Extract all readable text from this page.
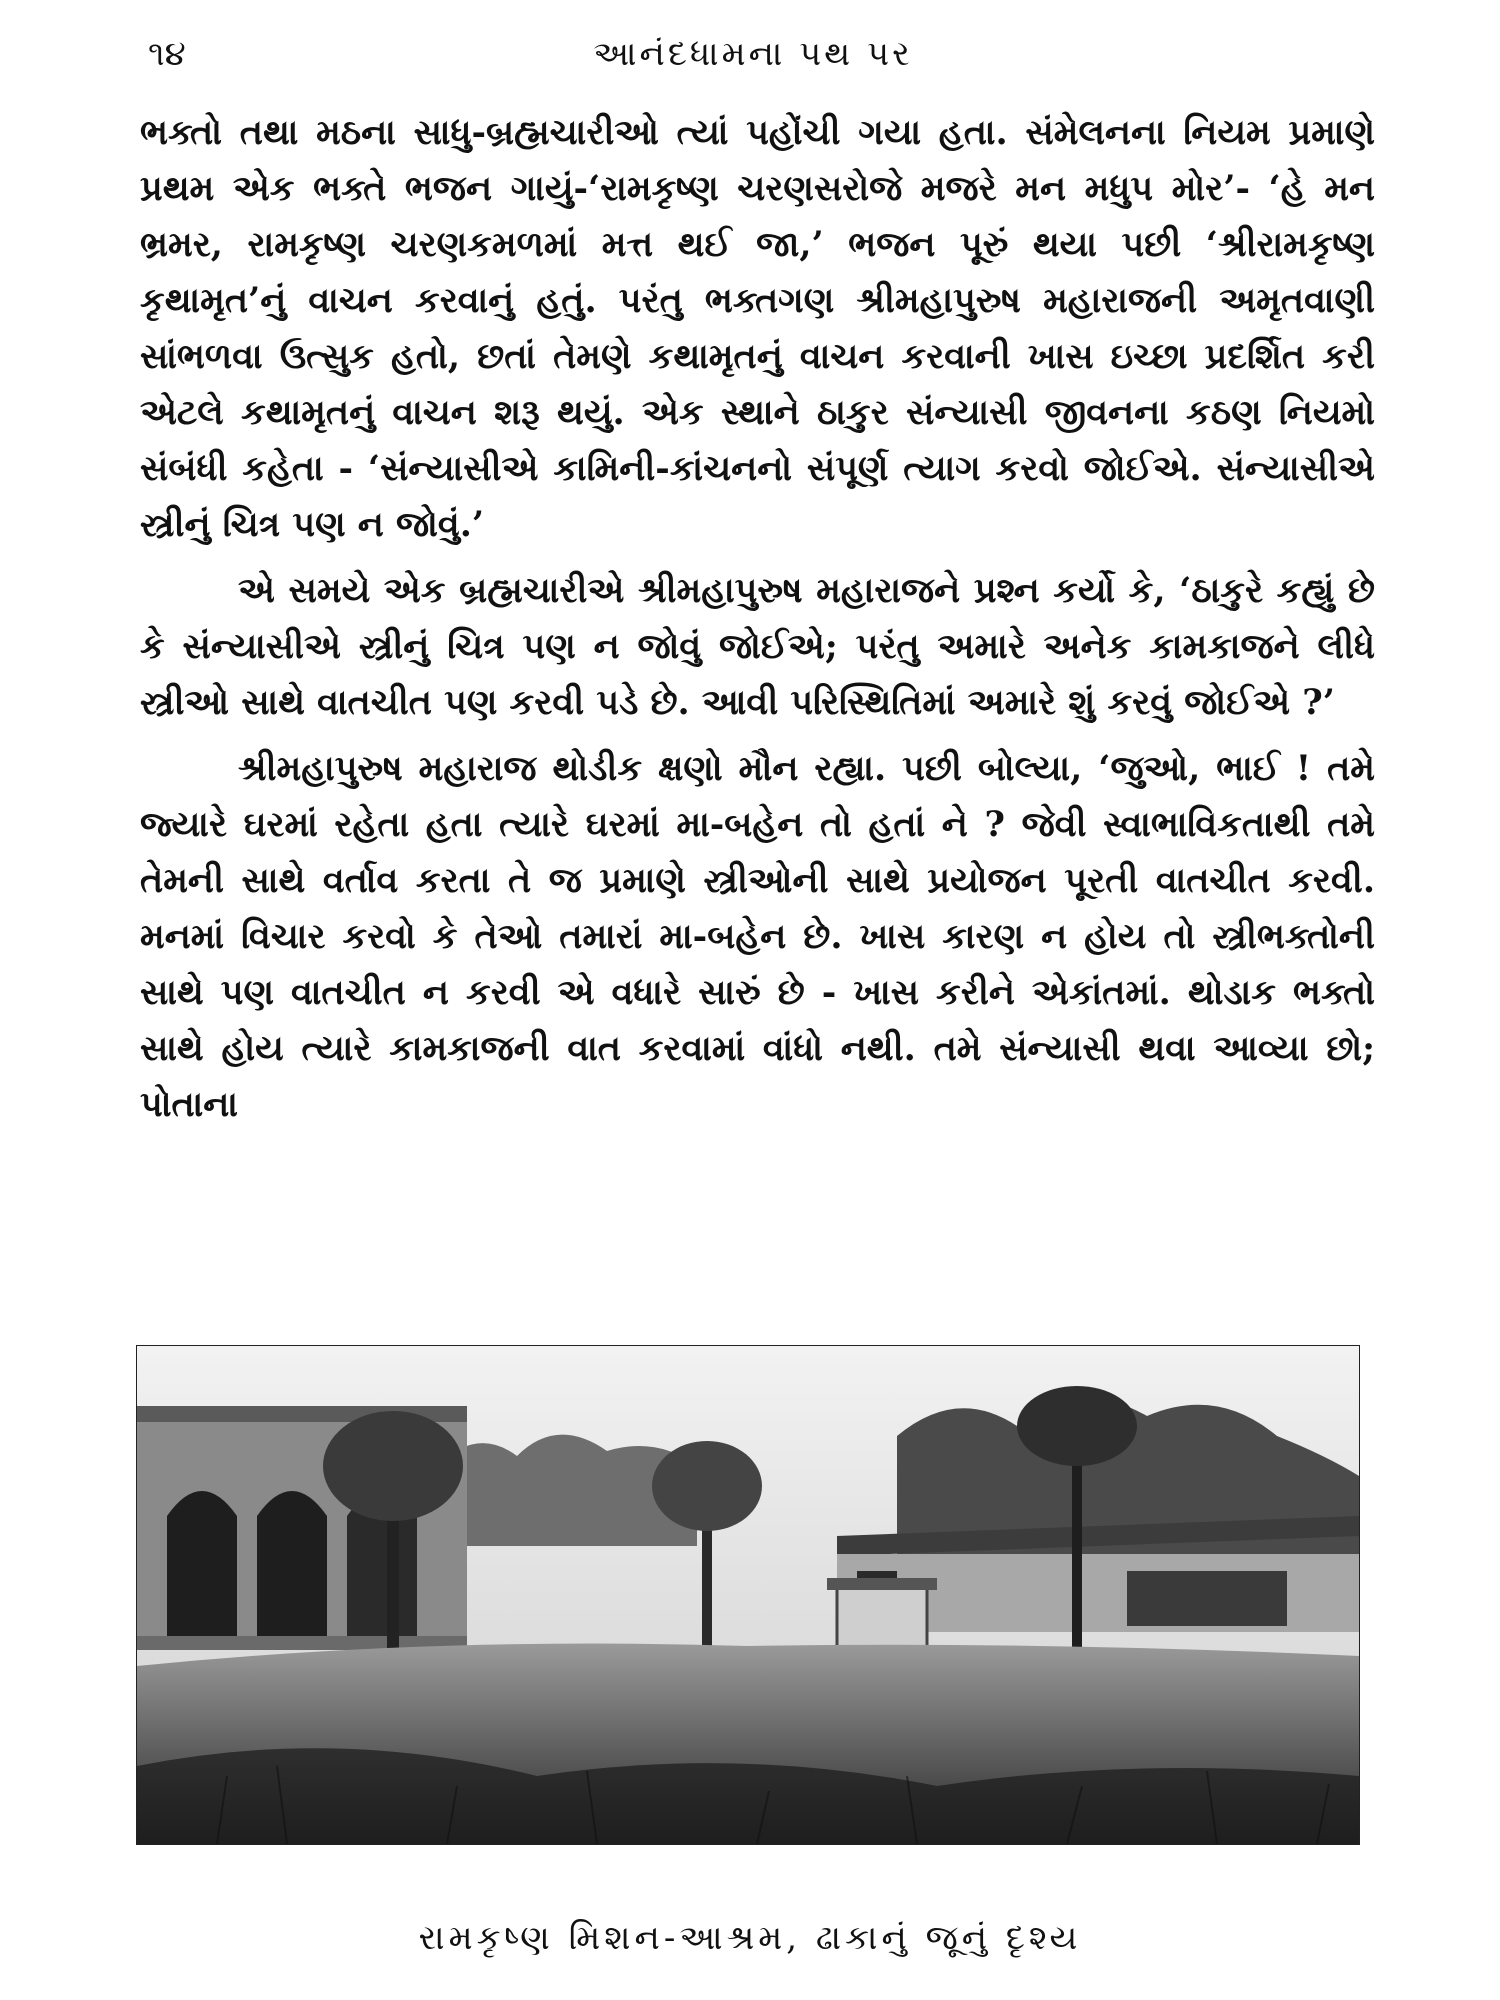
૧૪	આનંદધામના પથ પર

ભક્તો તથા મઠના સાધુ-બ્રહ્મચારીઓ ત્યાં પહોંચી ગયા હતા. સંમેલનના નિયમ પ્રમાણે પ્રથમ એક ભક્તે ભજન ગાયું-‘રામકૃષ્ણ ચરણસરોજે મજરે મન મધુપ મોર’- ‘હે મન ભ્રમર, રામકૃષ્ણ ચરણકમળમાં મત્ત થઈ જા,’ ભજન પૂરું થયા પછી ‘શ્રીરામકૃષ્ણ કૃથામૃત’નું વાચન કરવાનું હતું. પરંતુ ભક્તગણ શ્રીમહાપુરુષ મહારાજની અમૃતવાણી સાંભળવા ઉત્સુક હતો, છતાં તેમણે કથામૃતનું વાચન કરવાની ખાસ ઇચ્છા પ્રદર્શિત કરી એટલે કથામૃતનું વાચન શરૂ થયું. એક સ્થાને ઠાકુર સંન્યાસી જીવનના કઠણ નિયમો સંબંધી કહેતા - ‘સંન્યાસીએ કામિની-કાંચનનો સંપૂર્ણ ત્યાગ કરવો જોઈએ. સંન્યાસીએ સ્ત્રીનું ચિત્ર પણ ન જોવું.’

એ સમયે એક બ્રહ્મચારીએ શ્રીમહાપુરુષ મહારાજને પ્રશ્ન કર્યો કે, ‘ઠાકુરે કહ્યું છે કે સંન્યાસીએ સ્ત્રીનું ચિત્ર પણ ન જોવું જોઈએ; પરંતુ અમારે અનેક કામકાજને લીધે સ્ત્રીઓ સાથે વાતચીત પણ કરવી પડે છે. આવી પરિસ્થિતિમાં અમારે શું કરવું જોઈએ ?’

શ્રીમહાપુરુષ મહારાજ થોડીક ક્ષણો મૌન રહ્યા. પછી બોલ્યા, ‘જુઓ, ભાઈ ! તમે જ્યારે ઘરમાં રહેતા હતા ત્યારે ઘરમાં મા-બહેન તો હતાં ને ? જેવી સ્વાભાવિકતાથી તમે તેમની સાથે વર્તાવ કરતા તે જ પ્રમાણે સ્ત્રીઓની સાથે પ્રયોજન પૂરતી વાતચીત કરવી. મનમાં વિચાર કરવો કે તેઓ તમારાં મા-બહેન છે. ખાસ કારણ ન હોય તો સ્ત્રીભક્તોની સાથે પણ વાતચીત ન કરવી એ વધારે સારું છે - ખાસ કરીને એકાંતમાં. થોડાક ભક્તો સાથે હોય ત્યારે કામકાજની વાત કરવામાં વાંધો નથી. તમે સંન્યાસી થવા આવ્યા છો; પોતાના

રામકૃષ્ણ મિશન-આશ્રમ, ઢાકાનું જૂનું દૃશ્ય
